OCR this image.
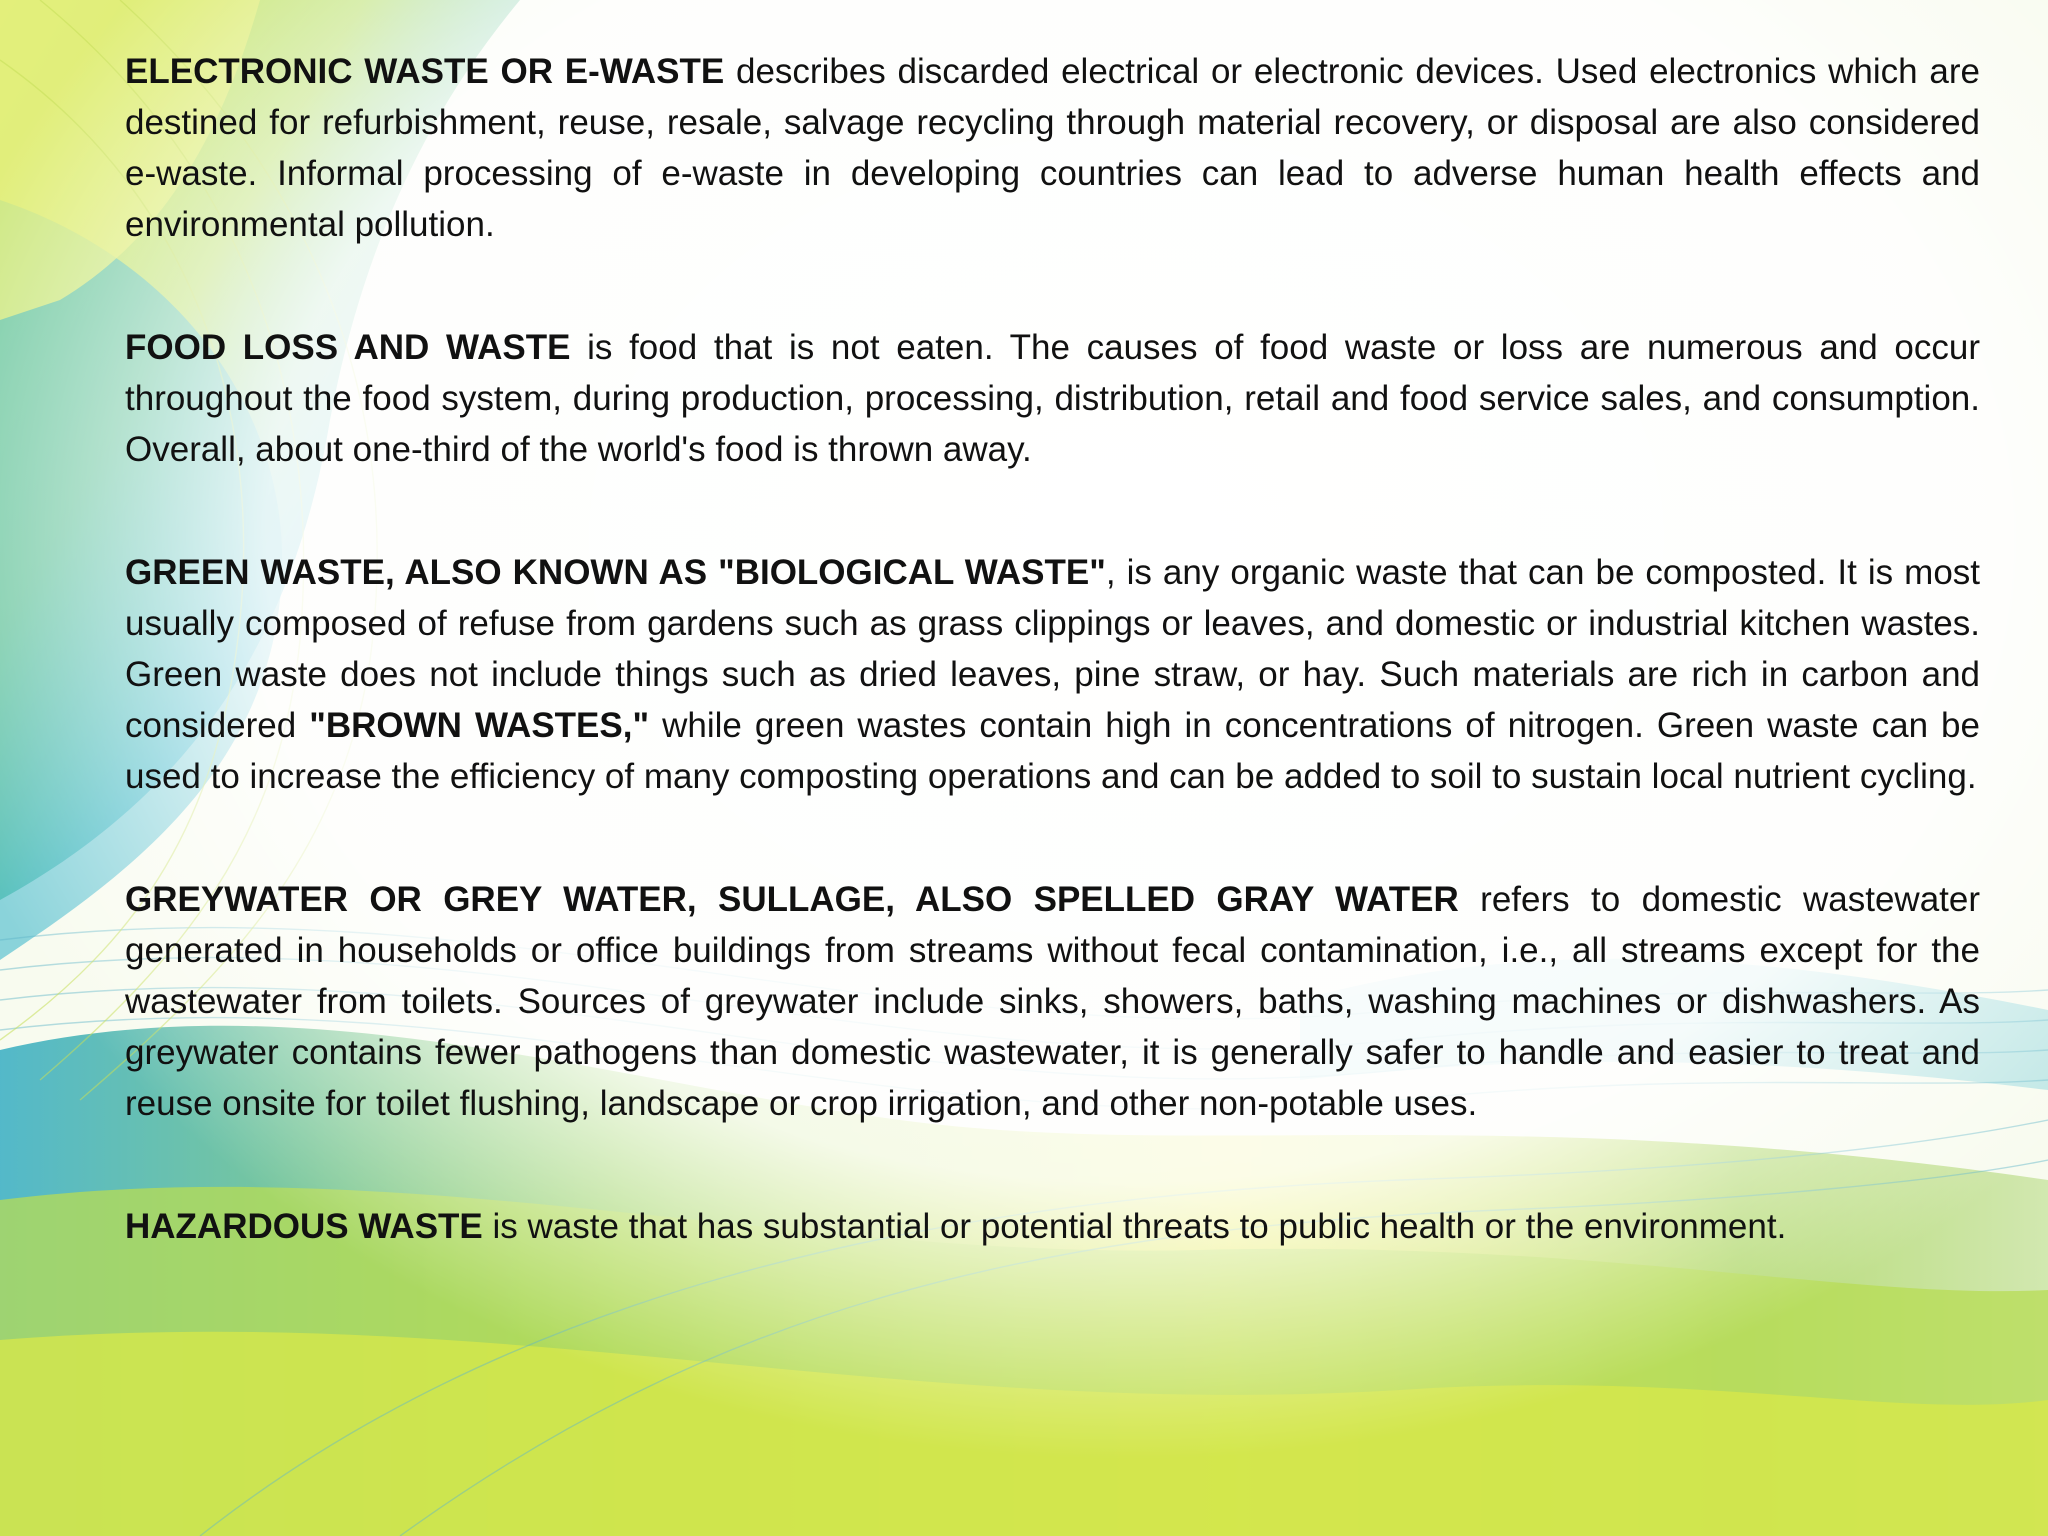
ELECTRONIC WASTE OR E-WASTE describes discarded electrical or electronic devices. Used electronics which are destined for refurbishment, reuse, resale, salvage recycling through material recovery, or disposal are also considered e-waste. Informal processing of e-waste in developing countries can lead to adverse human health effects and environmental pollution.

FOOD LOSS AND WASTE is food that is not eaten. The causes of food waste or loss are numerous and occur throughout the food system, during production, processing, distribution, retail and food service sales, and consumption. Overall, about one-third of the world's food is thrown away.

GREEN WASTE, ALSO KNOWN AS "BIOLOGICAL WASTE", is any organic waste that can be composted. It is most usually composed of refuse from gardens such as grass clippings or leaves, and domestic or industrial kitchen wastes. Green waste does not include things such as dried leaves, pine straw, or hay. Such materials are rich in carbon and considered "BROWN WASTES," while green wastes contain high in concentrations of nitrogen. Green waste can be used to increase the efficiency of many composting operations and can be added to soil to sustain local nutrient cycling.

GREYWATER OR GREY WATER, SULLAGE, ALSO SPELLED GRAY WATER refers to domestic wastewater generated in households or office buildings from streams without fecal contamination, i.e., all streams except for the wastewater from toilets. Sources of greywater include sinks, showers, baths, washing machines or dishwashers. As greywater contains fewer pathogens than domestic wastewater, it is generally safer to handle and easier to treat and reuse onsite for toilet flushing, landscape or crop irrigation, and other non-potable uses.

HAZARDOUS WASTE is waste that has substantial or potential threats to public health or the environment.
